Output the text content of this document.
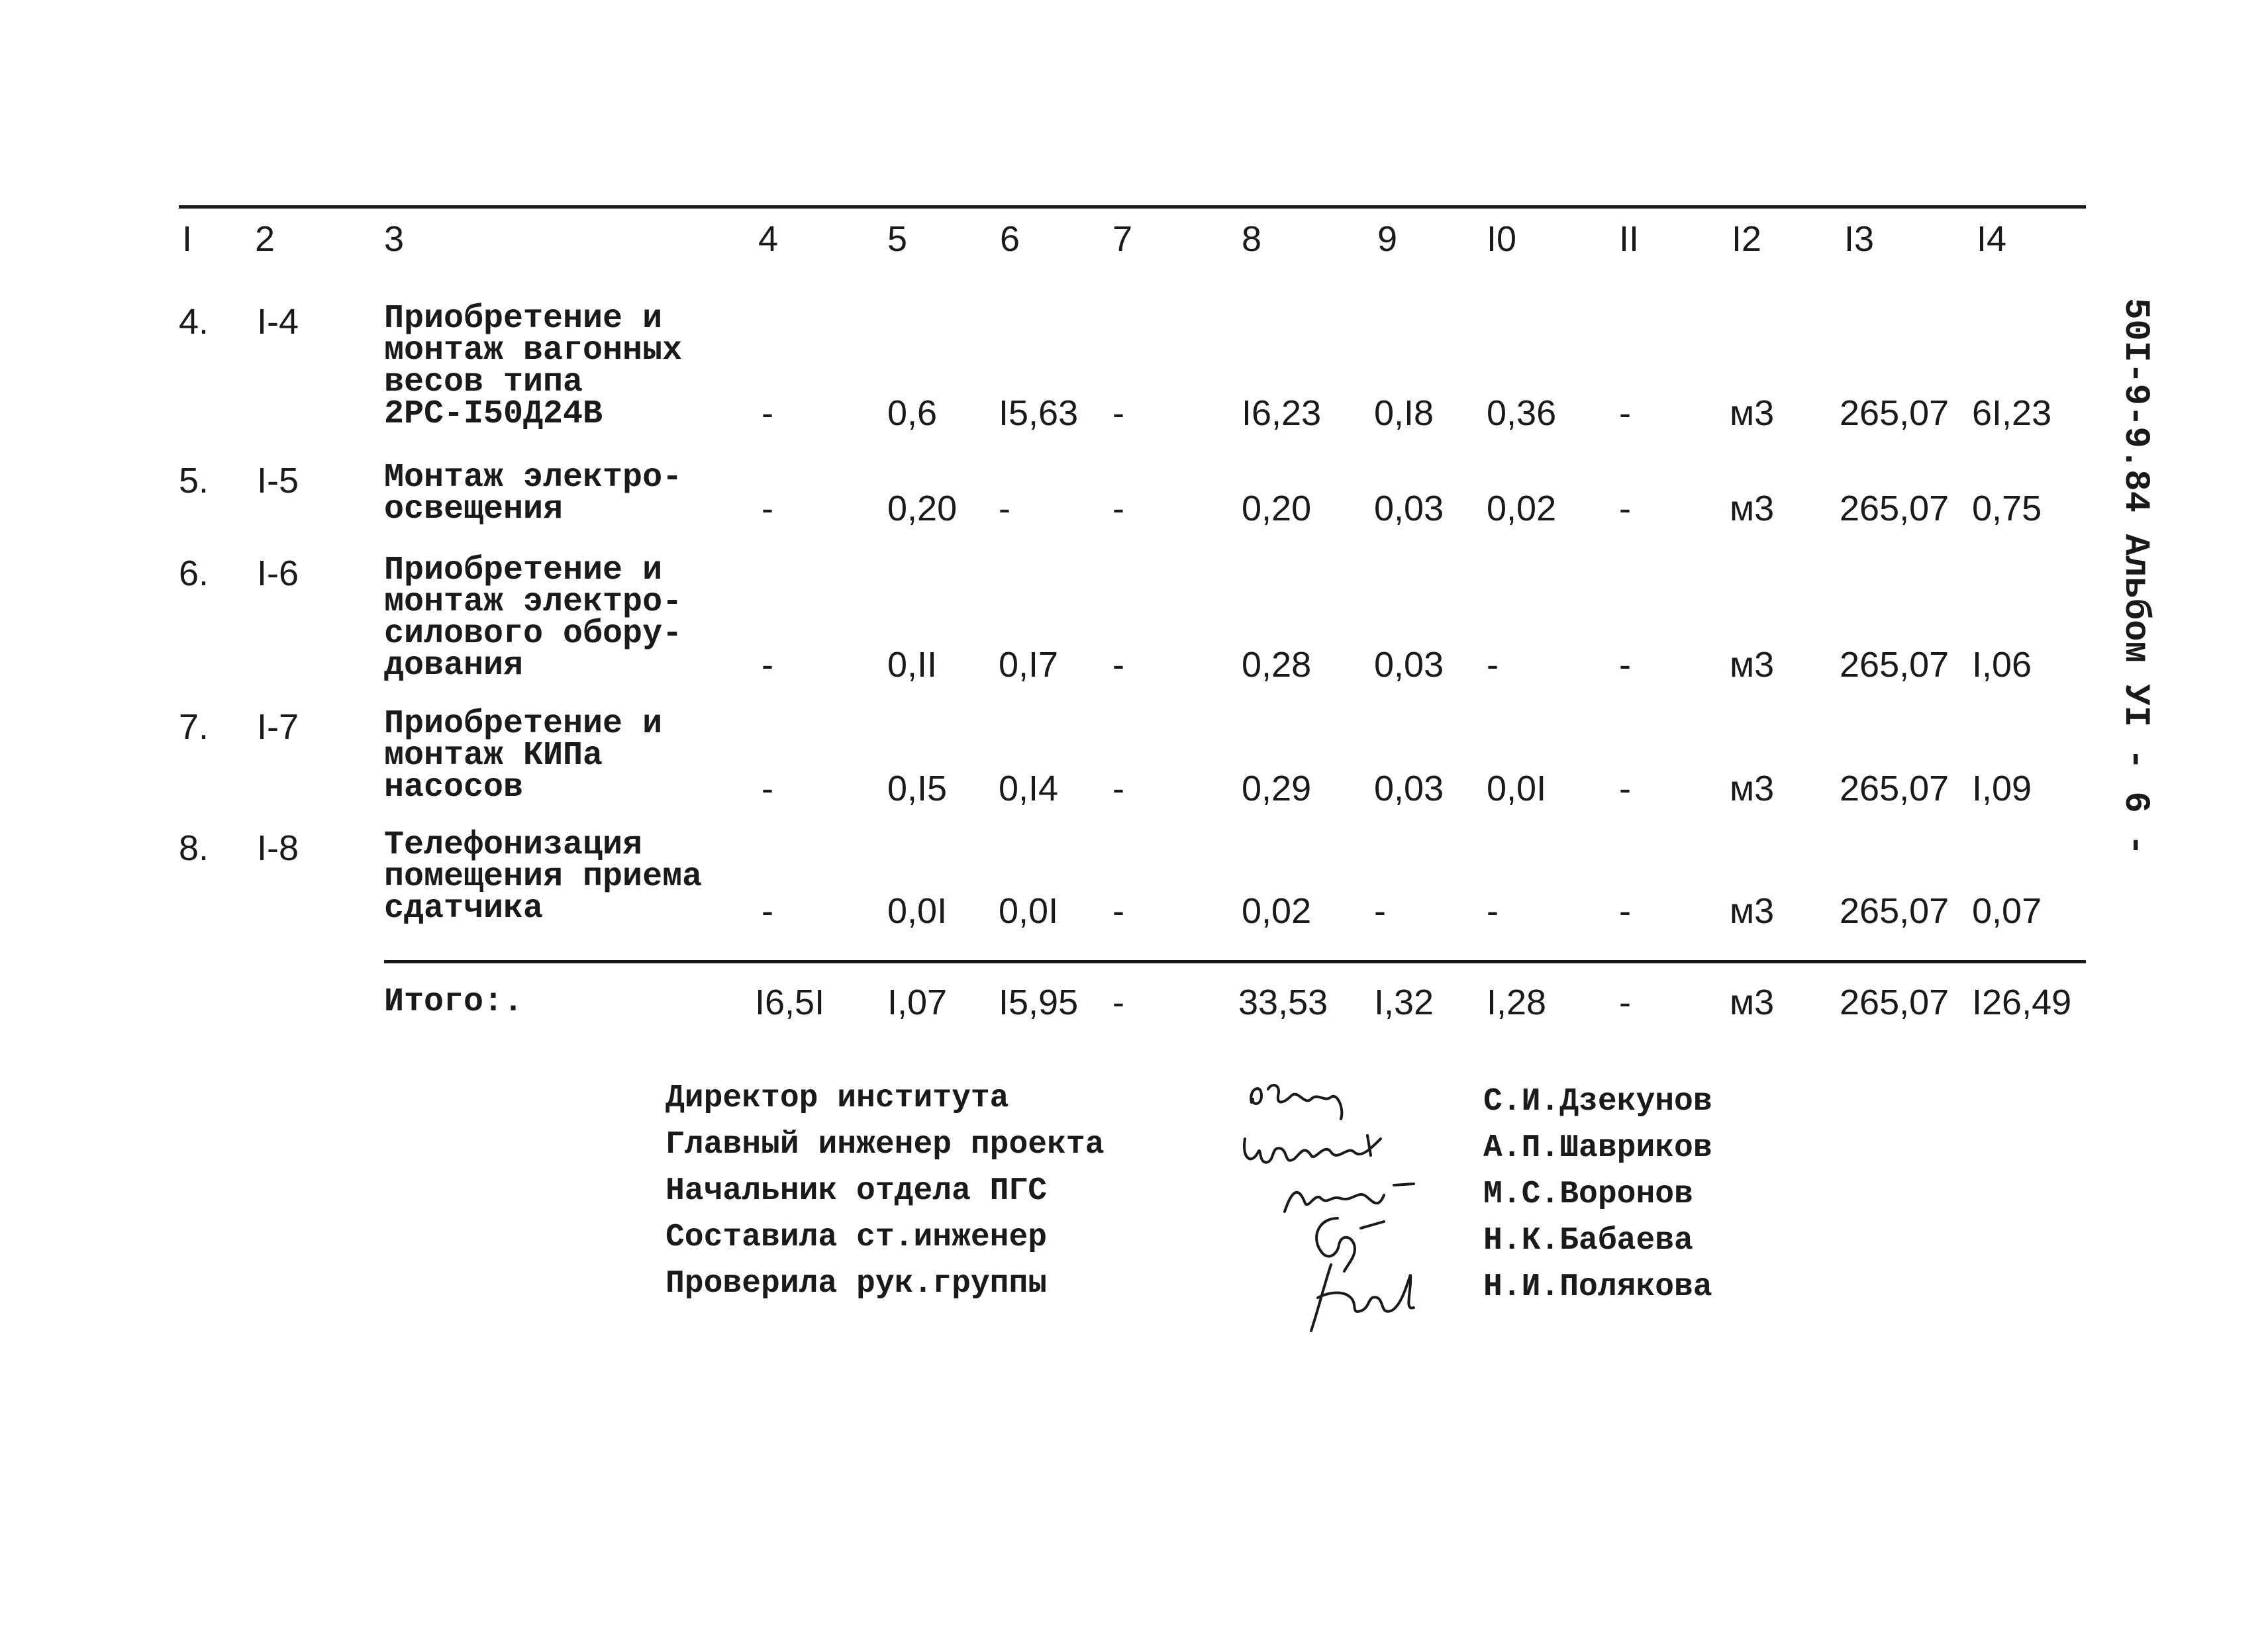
I 2	3	4	5	6	7	8	9 I0	II	I2 I3	I4
4. I-4	Приобретение и
монтаж вагонных
весов типа
2РС-I50Д24В	-	0,6 I5,63 -	I6,23 0,I8 0,36 -	м3 265,07 6I,23
5. I-5	Монтаж электро-
освещения	-	0,20 -	-	0,20 0,03 0,02 -	м3 265,07 0,75
6. I-6	Приобретение и
монтаж электро-
силового обору-
дования	-	0,II 0,I7 -	0,28 0,03 -	-	м3 265,07 I,06
7. I-7	Приобретение и
монтаж КИПа
насосов	-	0,I5 0,I4 -	0,29 0,03 0,0I -	м3 265,07 I,09
8. I-8	Телефонизация
помещения приема
сдатчика	-	0,0I 0,0I -	0,02 -	-	-	м3 265,07 0,07
Итого:.	I6,5I I,07 I5,95 -	33,53 I,32 I,28 -	м3 265,07 I26,49
Директор института	С.И.Дзекунов
Главный инженер проекта	А.П.Шавриков
Начальник отдела ПГС	М.С.Воронов
Составила ст.инженер	Н.К.Бабаева
Проверила рук.группы	Н.И.Полякова
50I-9-9.84 Альбом УI - 6 -
